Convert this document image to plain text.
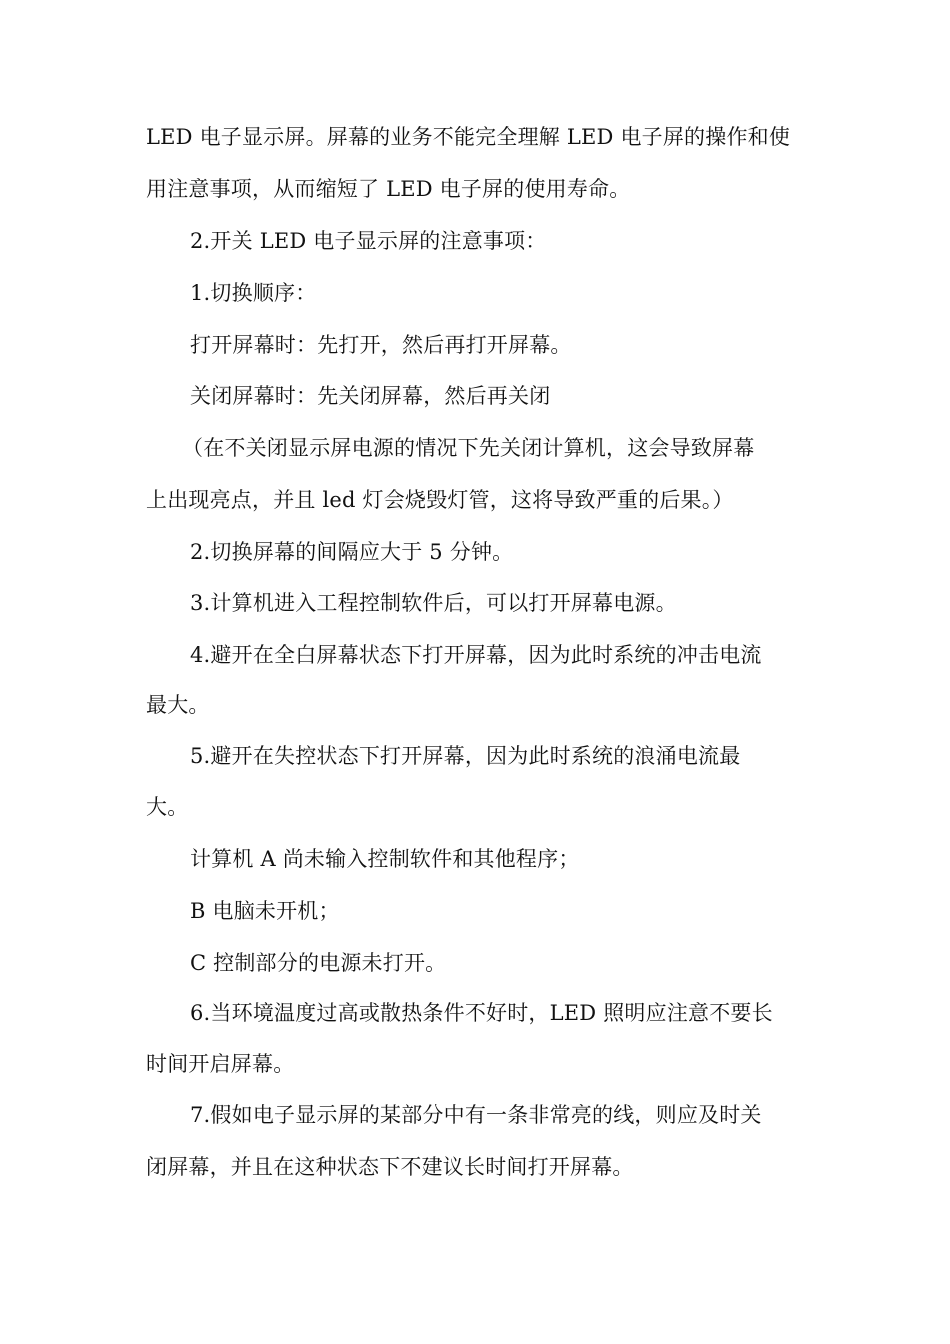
LED 电子显示屏。屏幕的业务不能完全理解 LED 电子屏的操作和使
用注意事项，从而缩短了 LED 电子屏的使用寿命。
2.开关 LED 电子显示屏的注意事项：
1.切换顺序：
打开屏幕时：先打开，然后再打开屏幕。
关闭屏幕时：先关闭屏幕，然后再关闭
（在不关闭显示屏电源的情况下先关闭计算机，这会导致屏幕
上出现亮点，并且 led 灯会烧毁灯管，这将导致严重的后果。）
2.切换屏幕的间隔应大于 5 分钟。
3.计算机进入工程控制软件后，可以打开屏幕电源。
4.避开在全白屏幕状态下打开屏幕，因为此时系统的冲击电流
最大。
5.避开在失控状态下打开屏幕，因为此时系统的浪涌电流最
大。
计算机 A 尚未输入控制软件和其他程序；
B 电脑未开机；
C 控制部分的电源未打开。
6.当环境温度过高或散热条件不好时，LED 照明应注意不要长
时间开启屏幕。
7.假如电子显示屏的某部分中有一条非常亮的线，则应及时关
闭屏幕，并且在这种状态下不建议长时间打开屏幕。
